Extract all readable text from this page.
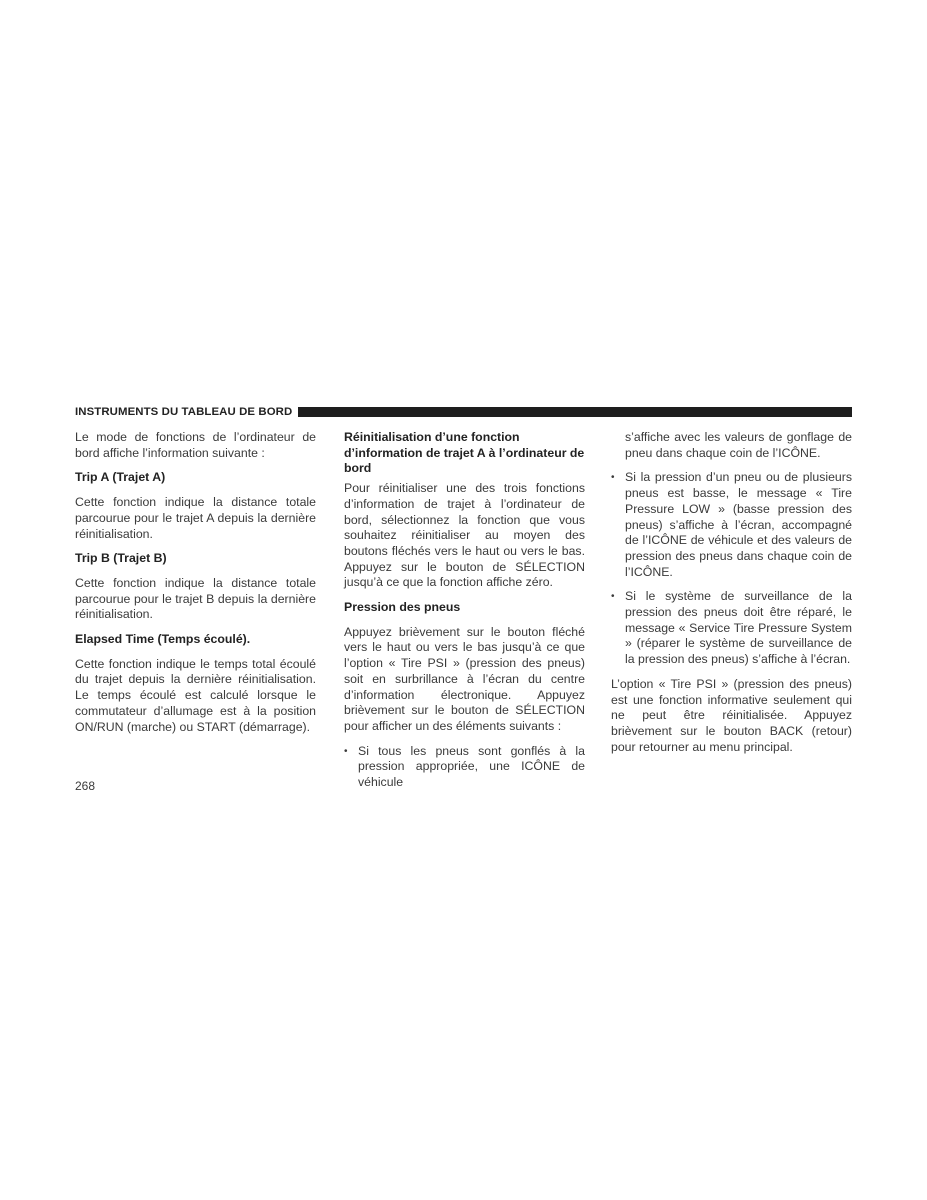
INSTRUMENTS DU TABLEAU DE BORD

Le mode de fonctions de l’ordinateur de bord affiche l’information suivante :

Trip A (Trajet A)

Cette fonction indique la distance totale parcourue pour le trajet A depuis la dernière réinitialisation.

Trip B (Trajet B)

Cette fonction indique la distance totale parcourue pour le trajet B depuis la dernière réinitialisation.

Elapsed Time (Temps écoulé).

Cette fonction indique le temps total écoulé du trajet depuis la dernière réinitialisation. Le temps écoulé est calculé lorsque le commutateur d’allumage est à la position ON/RUN (marche) ou START (démarrage).

Réinitialisation d’une fonction d’information de trajet A à l’ordinateur de bord

Pour réinitialiser une des trois fonctions d’information de trajet à l’ordinateur de bord, sélectionnez la fonction que vous souhaitez réinitialiser au moyen des boutons fléchés vers le haut ou vers le bas. Appuyez sur le bouton de SÉLECTION jusqu’à ce que la fonction affiche zéro.

Pression des pneus

Appuyez brièvement sur le bouton fléché vers le haut ou vers le bas jusqu’à ce que l’option « Tire PSI » (pression des pneus) soit en surbrillance à l’écran du centre d’information électronique. Appuyez brièvement sur le bouton de SÉLECTION pour afficher un des éléments suivants :

• Si tous les pneus sont gonflés à la pression appropriée, une ICÔNE de véhicule
s’affiche avec les valeurs de gonflage de pneu dans chaque coin de l’ICÔNE.
• Si la pression d’un pneu ou de plusieurs pneus est basse, le message « Tire Pressure LOW » (basse pression des pneus) s’affiche à l’écran, accompagné de l’ICÔNE de véhicule et des valeurs de pression des pneus dans chaque coin de l’ICÔNE.
• Si le système de surveillance de la pression des pneus doit être réparé, le message « Service Tire Pressure System » (réparer le système de surveillance de la pression des pneus) s’affiche à l’écran.

L’option « Tire PSI » (pression des pneus) est une fonction informative seulement qui ne peut être réinitialisée. Appuyez brièvement sur le bouton BACK (retour) pour retourner au menu principal.

268
